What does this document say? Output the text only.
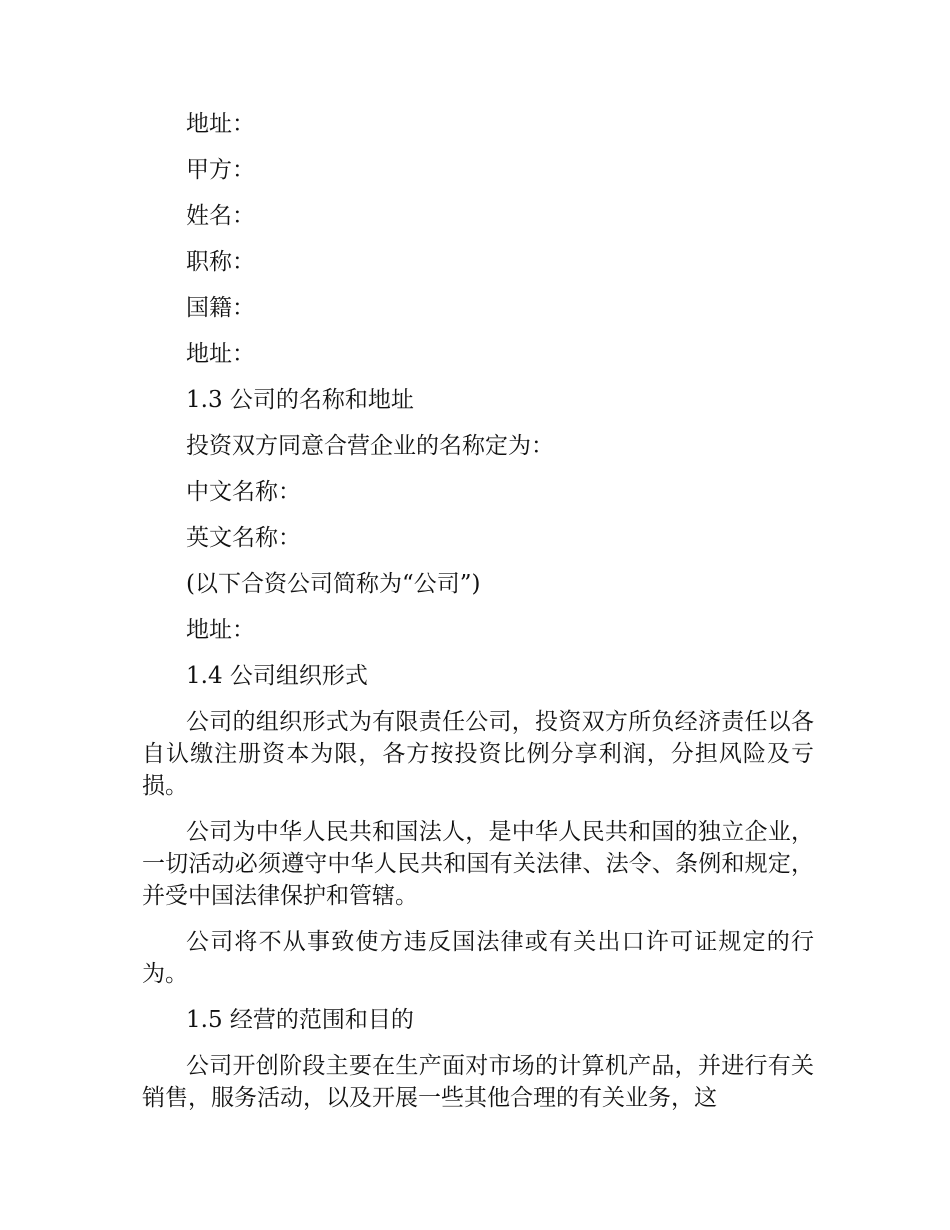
地址：
甲方：
姓名：
职称：
国籍：
地址：
1.3 公司的名称和地址
投资双方同意合营企业的名称定为：
中文名称：
英文名称：
(以下合资公司简称为“公司”)
地址：
1.4 公司组织形式

公司的组织形式为有限责任公司，投资双方所负经济责任以各自认缴注册资本为限，各方按投资比例分享利润，分担风险及亏损。

公司为中华人民共和国法人，是中华人民共和国的独立企业，一切活动必须遵守中华人民共和国有关法律、法令、条例和规定，并受中国法律保护和管辖。

公司将不从事致使方违反国法律或有关出口许可证规定的行为。

1.5 经营的范围和目的

公司开创阶段主要在生产面对市场的计算机产品，并进行有关销售，服务活动，以及开展一些其他合理的有关业务，这
